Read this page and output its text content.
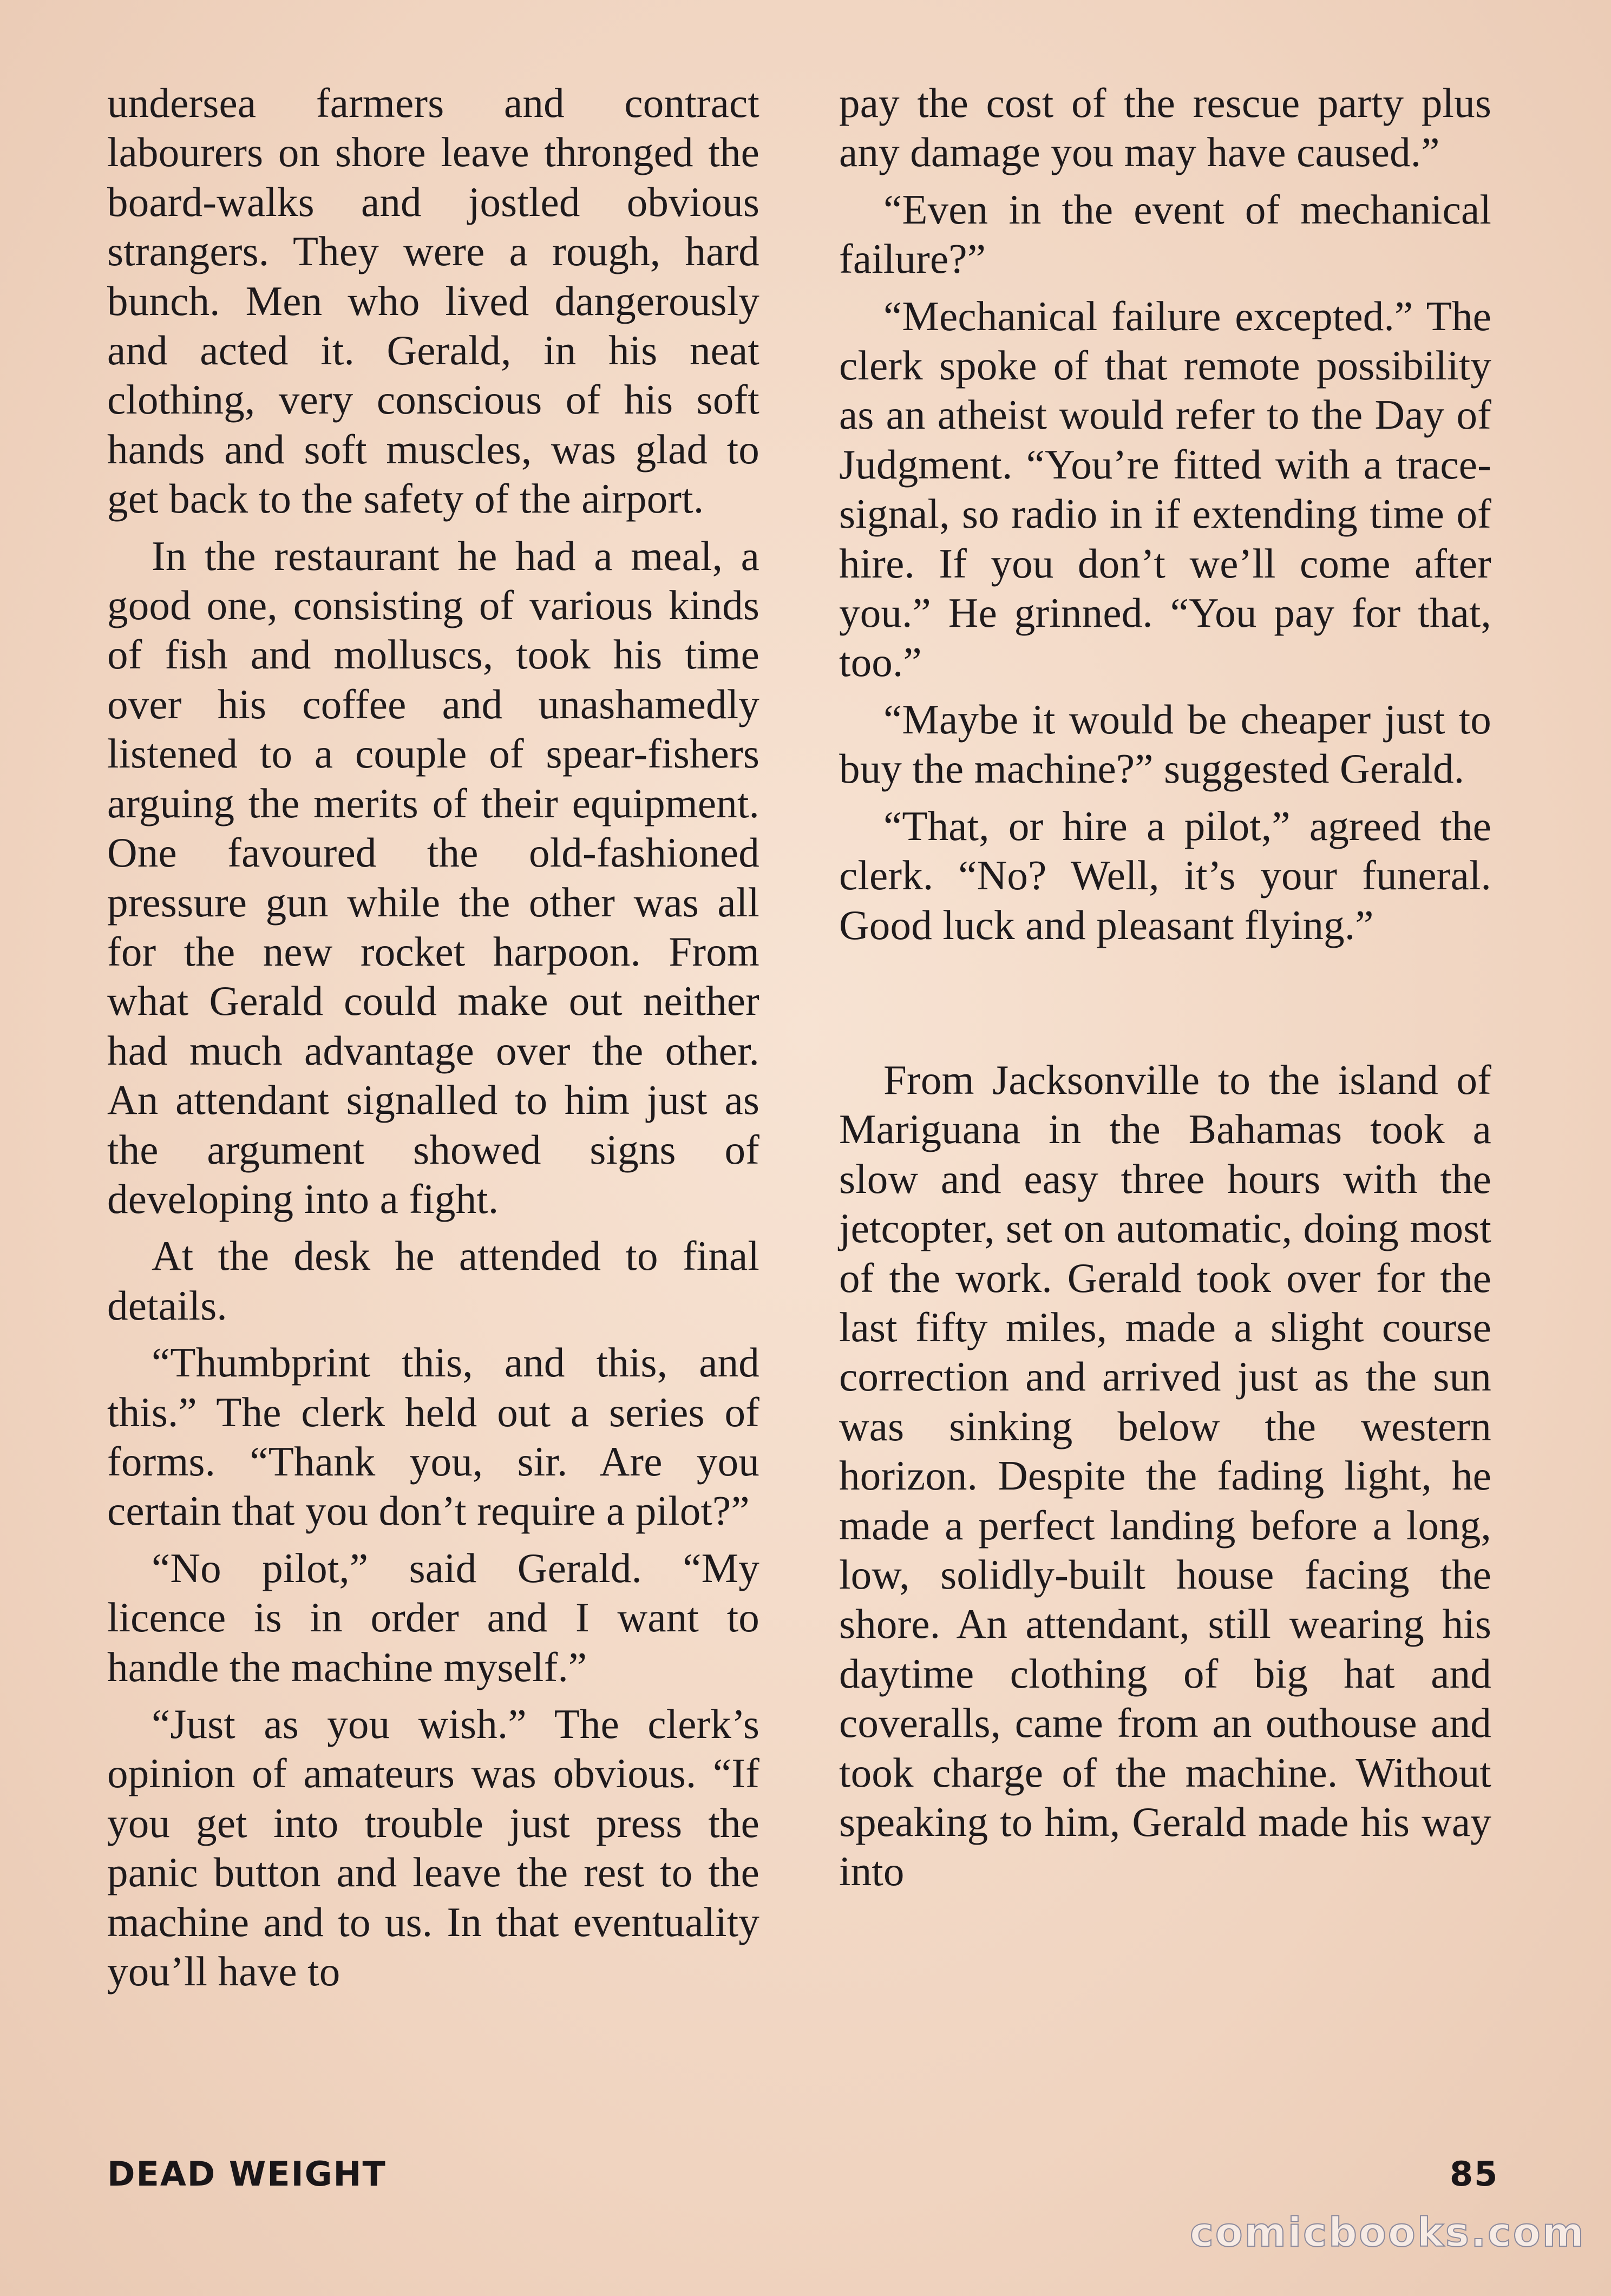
undersea farmers and contract labourers on shore leave thronged the board-walks and jostled obvious strangers. They were a rough, hard bunch. Men who lived dangerously and acted it. Gerald, in his neat clothing, very conscious of his soft hands and soft muscles, was glad to get back to the safety of the airport.

In the restaurant he had a meal, a good one, consisting of various kinds of fish and molluscs, took his time over his coffee and unashamedly listened to a couple of spear-fishers arguing the merits of their equipment. One favoured the old-fashioned pressure gun while the other was all for the new rocket harpoon. From what Gerald could make out neither had much advantage over the other. An attendant signalled to him just as the argument showed signs of developing into a fight.

At the desk he attended to final details.

“Thumbprint this, and this, and this.” The clerk held out a series of forms. “Thank you, sir. Are you certain that you don’t require a pilot?”

“No pilot,” said Gerald. “My licence is in order and I want to handle the machine myself.”

“Just as you wish.” The clerk’s opinion of amateurs was obvious. “If you get into trouble just press the panic button and leave the rest to the machine and to us. In that eventuality you’ll have to

pay the cost of the rescue party plus any damage you may have caused.”

“Even in the event of mechanical failure?”

“Mechanical failure excepted.” The clerk spoke of that remote possibility as an atheist would refer to the Day of Judgment. “You’re fitted with a trace-signal, so radio in if extending time of hire. If you don’t we’ll come after you.” He grinned. “You pay for that, too.”

“Maybe it would be cheaper just to buy the machine?” suggested Gerald.

“That, or hire a pilot,” agreed the clerk. “No? Well, it’s your funeral. Good luck and pleasant flying.”

From Jacksonville to the island of Mariguana in the Bahamas took a slow and easy three hours with the jetcopter, set on automatic, doing most of the work. Gerald took over for the last fifty miles, made a slight course correction and arrived just as the sun was sinking below the western horizon. Despite the fading light, he made a perfect landing before a long, low, solidly-built house facing the shore. An attendant, still wearing his daytime clothing of big hat and coveralls, came from an outhouse and took charge of the machine. Without speaking to him, Gerald made his way into

DEAD WEIGHT	85
comicbooks.com
